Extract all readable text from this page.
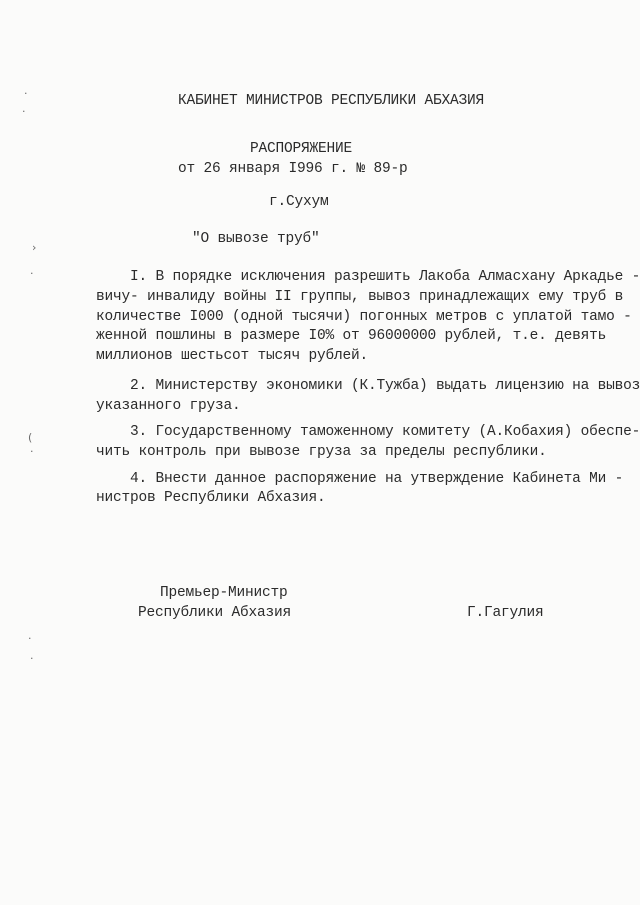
·
.
›
·
(
·
·
.
КАБИНЕТ МИНИСТРОВ РЕСПУБЛИКИ АБХАЗИЯ
РАСПОРЯЖЕНИЕ
от 26 января I996 г. № 89-р
г.Сухум
"О вывозе труб"
I. В порядке исключения разрешить Лакоба Алмасхану Аркадье -
вичу- инвалиду войны II группы, вывоз принадлежащих ему труб в
количестве I000 (одной тысячи) погонных метров с уплатой тамо -
женной пошлины в размере I0% от 96000000 рублей, т.е. девять
миллионов шестьсот тысяч рублей.
2. Министерству экономики (К.Тужба) выдать лицензию на вывоз
указанного груза.
3. Государственному таможенному комитету (А.Кобахия) обеспе-
чить контроль при вывозе груза за пределы республики.
4. Внести данное распоряжение на утверждение Кабинета Ми -
нистров Республики Абхазия.
Премьер-Министр
Республики Абхазия	Г.Гагулия
